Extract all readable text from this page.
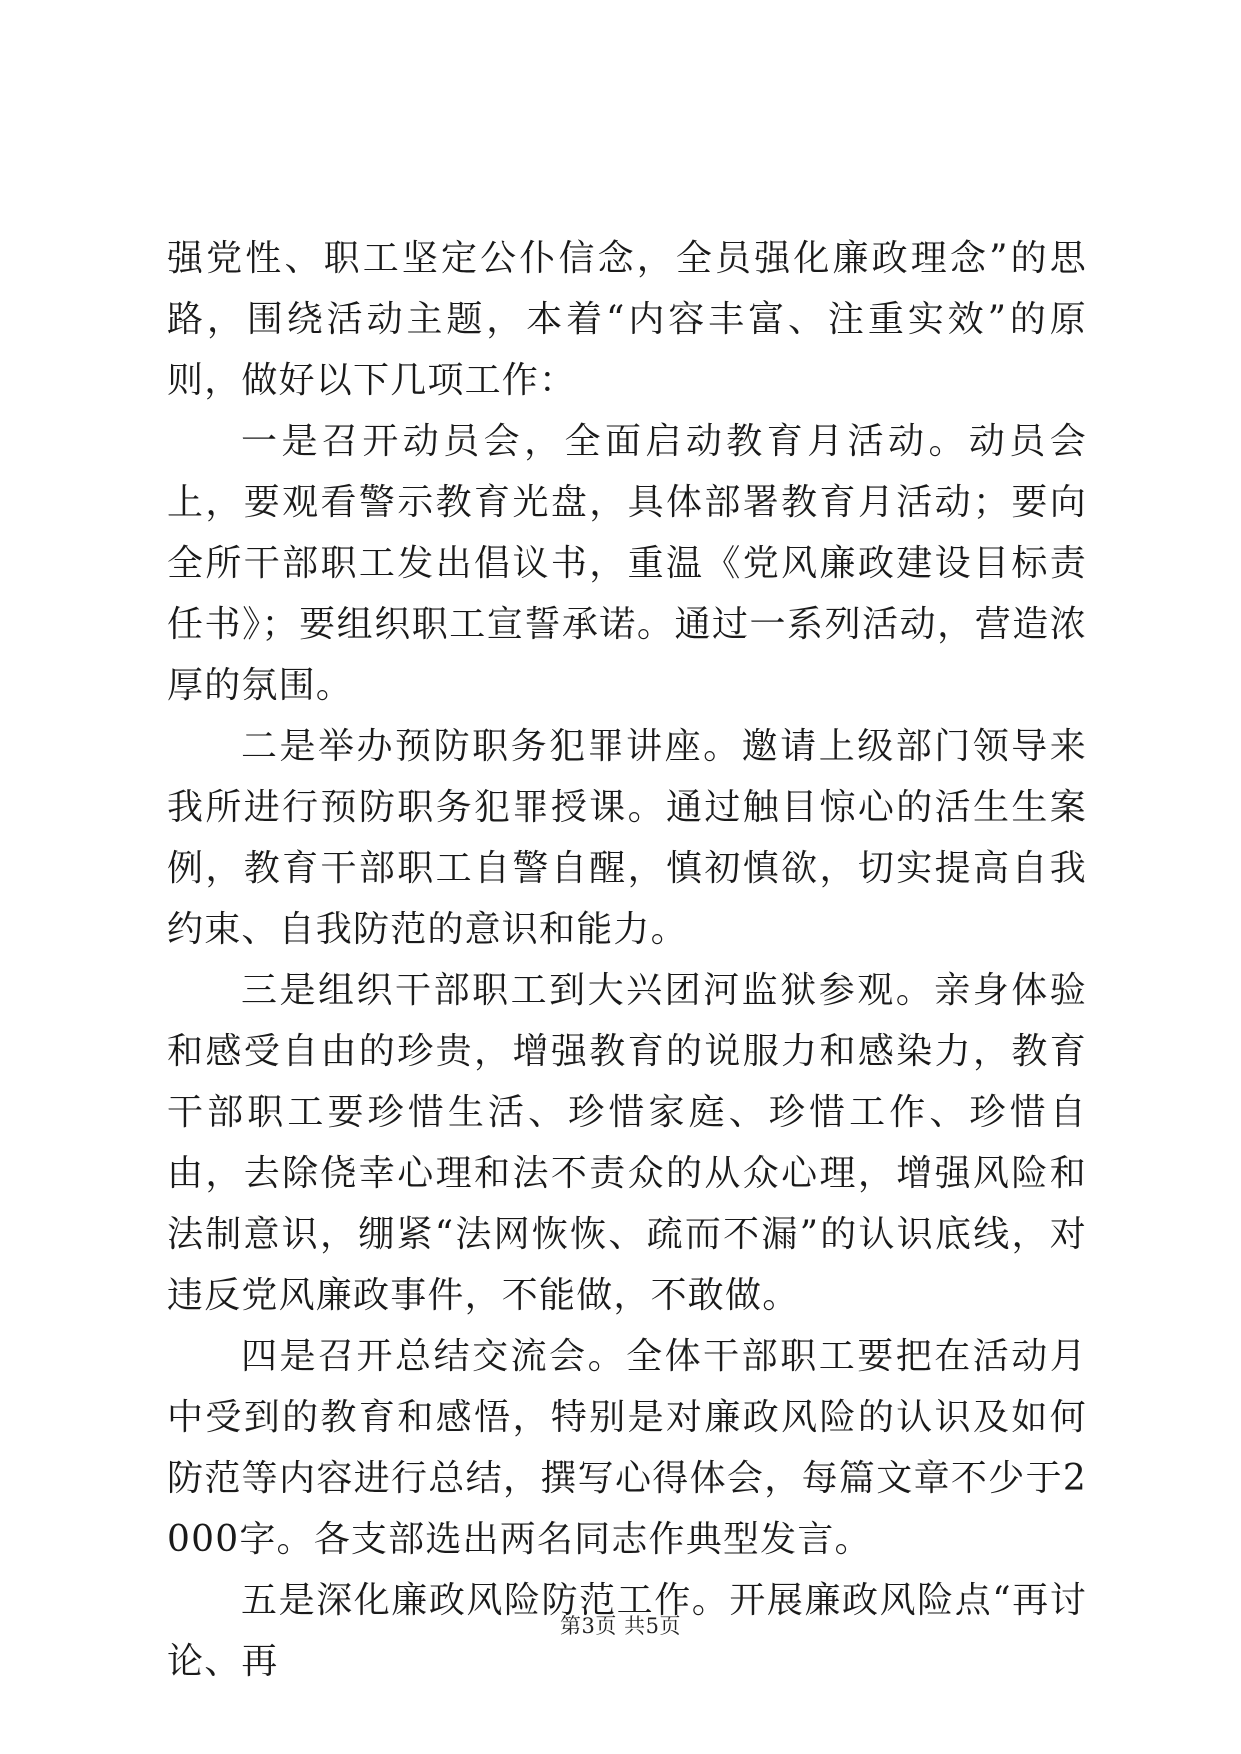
强党性、职工坚定公仆信念，全员强化廉政理念”的思路，围绕活动主题，本着“内容丰富、注重实效”的原则，做好以下几项工作：

一是召开动员会，全面启动教育月活动。动员会上，要观看警示教育光盘，具体部署教育月活动；要向全所干部职工发出倡议书，重温《党风廉政建设目标责任书》；要组织职工宣誓承诺。通过一系列活动，营造浓厚的氛围。

二是举办预防职务犯罪讲座。邀请上级部门领导来我所进行预防职务犯罪授课。通过触目惊心的活生生案例，教育干部职工自警自醒，慎初慎欲，切实提高自我约束、自我防范的意识和能力。

三是组织干部职工到大兴团河监狱参观。亲身体验和感受自由的珍贵，增强教育的说服力和感染力，教育干部职工要珍惜生活、珍惜家庭、珍惜工作、珍惜自由，去除侥幸心理和法不责众的从众心理，增强风险和法制意识，绷紧“法网恢恢、疏而不漏”的认识底线，对违反党风廉政事件，不能做，不敢做。

四是召开总结交流会。全体干部职工要把在活动月中受到的教育和感悟，特别是对廉政风险的认识及如何防范等内容进行总结，撰写心得体会，每篇文章不少于2000字。各支部选出两名同志作典型发言。

五是深化廉政风险防范工作。开展廉政风险点“再讨论、再

第3页 共5页
